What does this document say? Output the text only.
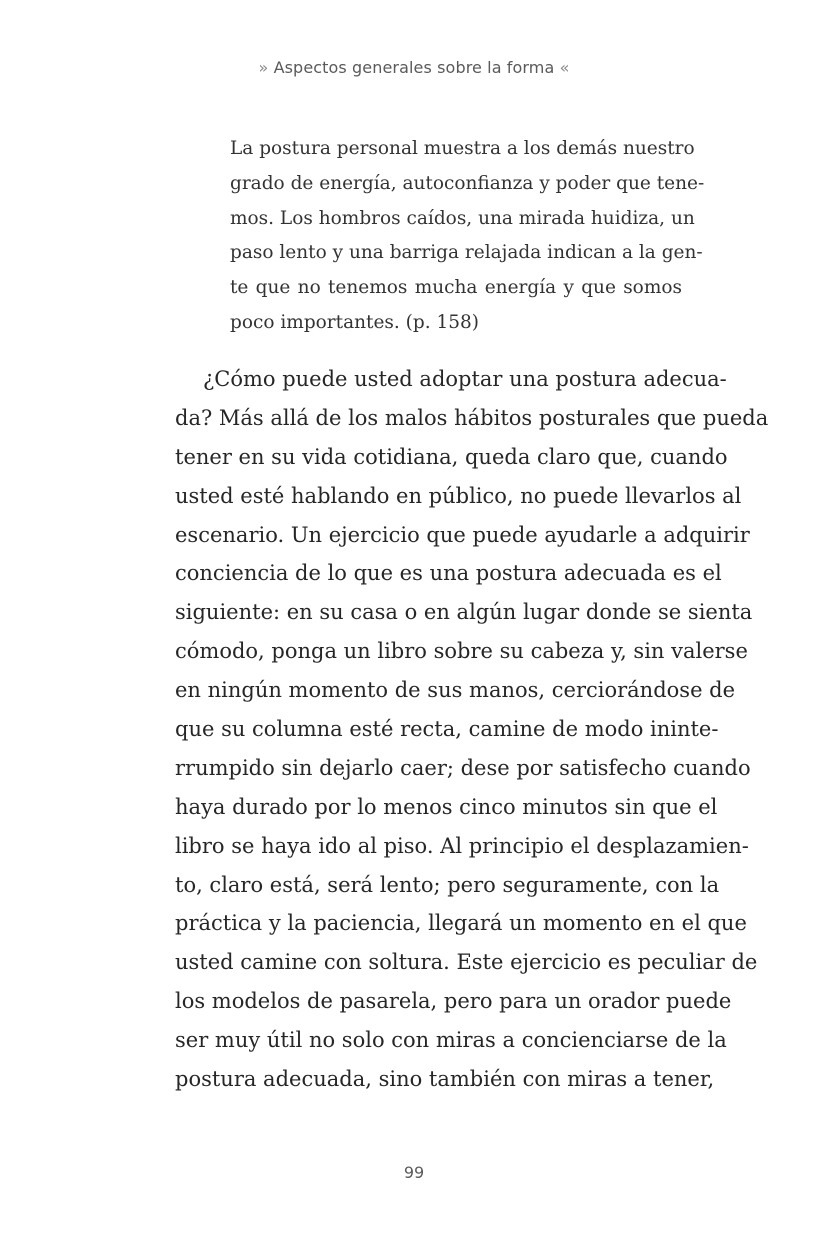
» Aspectos generales sobre la forma «
La postura personal muestra a los demás nuestro
grado de energía, autoconfianza y poder que tene-
mos. Los hombros caídos, una mirada huidiza, un
paso lento y una barriga relajada indican a la gen-
te que no tenemos mucha energía y que somos
poco importantes. (p. 158)
¿Cómo puede usted adoptar una postura adecua-
da? Más allá de los malos hábitos posturales que pueda
tener en su vida cotidiana, queda claro que, cuando
usted esté hablando en público, no puede llevarlos al
escenario. Un ejercicio que puede ayudarle a adquirir
conciencia de lo que es una postura adecuada es el
siguiente: en su casa o en algún lugar donde se sienta
cómodo, ponga un libro sobre su cabeza y, sin valerse
en ningún momento de sus manos, cerciorándose de
que su columna esté recta, camine de modo ininte-
rrumpido sin dejarlo caer; dese por satisfecho cuando
haya durado por lo menos cinco minutos sin que el
libro se haya ido al piso. Al principio el desplazamien-
to, claro está, será lento; pero seguramente, con la
práctica y la paciencia, llegará un momento en el que
usted camine con soltura. Este ejercicio es peculiar de
los modelos de pasarela, pero para un orador puede
ser muy útil no solo con miras a concienciarse de la
postura adecuada, sino también con miras a tener,
99
